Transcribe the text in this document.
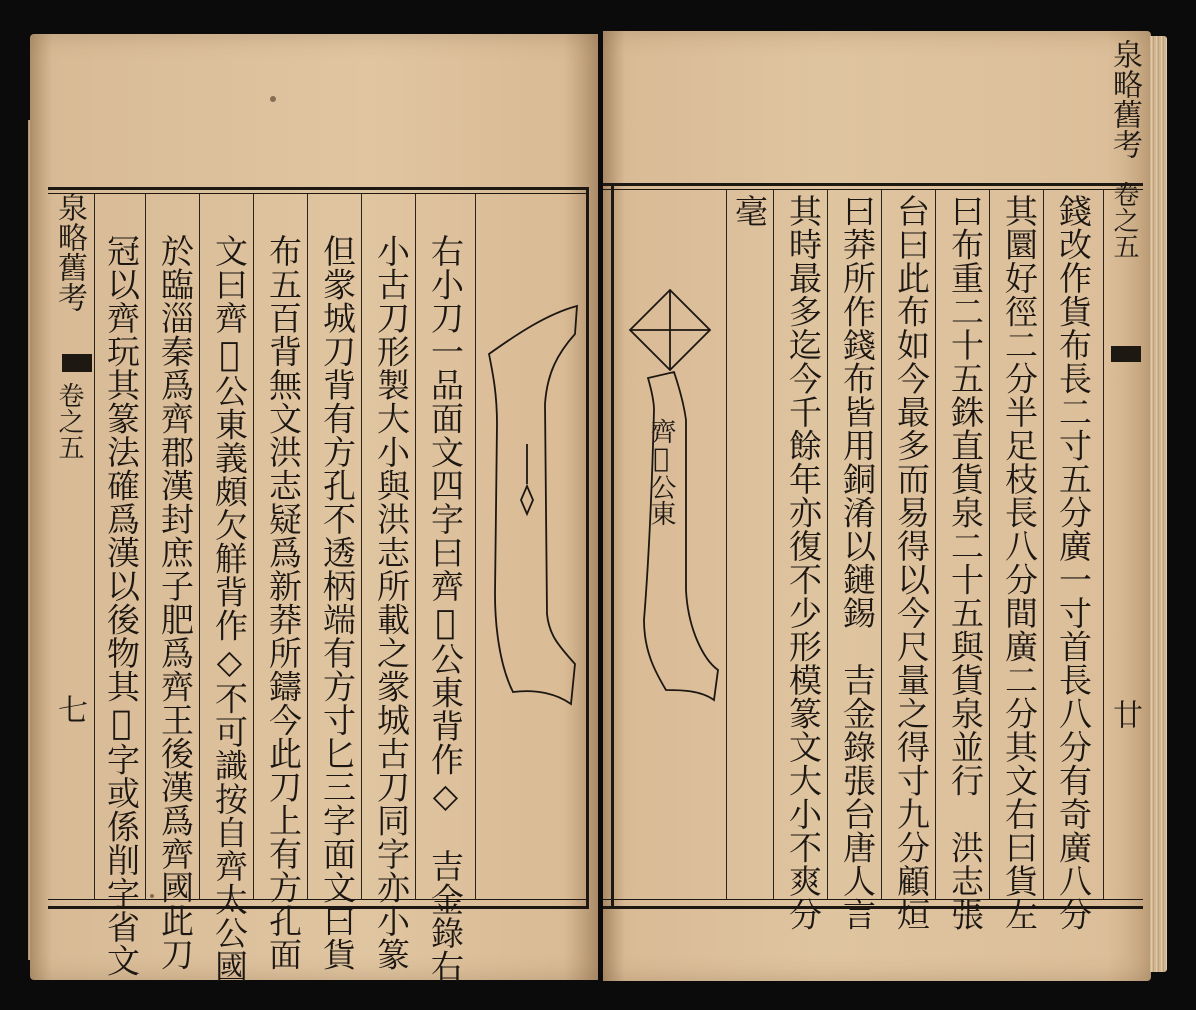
泉略舊考
卷之五
七	右小刀一品面文四字曰齊𠫑公東背作◇　吉金錄右
小古刀形製大小與洪志所載之䝉城古刀同字亦小篆
但䝉城刀背有方孔不透柄端有方寸匕三字面文曰貨
布五百背無文洪志疑爲新莽所鑄今此刀上有方孔面
文曰齊𠫑公東義頗欠觧背作◇不可識按自齊太公國
於臨淄秦爲齊郡漢封庶子肥爲齊王後漢爲齊國此刀
冠以齊玩其篆法確爲漢以後物其𠫑字或係削字省文	齊𠫑公東	錢改作貨布長二寸五分廣一寸首長八分有奇廣八分
其圜好徑二分半足枝長八分間廣二分其文右曰貨左
曰布重二十五銖直貨泉二十五與貨泉並行　洪志張
台曰此布如今最多而易得以今尺量之得寸九分顧烜
曰莽所作錢布皆用銅淆以鏈錫　吉金錄張台唐人言
其時最多迄今千餘年亦復不少形模篆文大小不爽分
毫
泉略舊考
卷之五
廿
